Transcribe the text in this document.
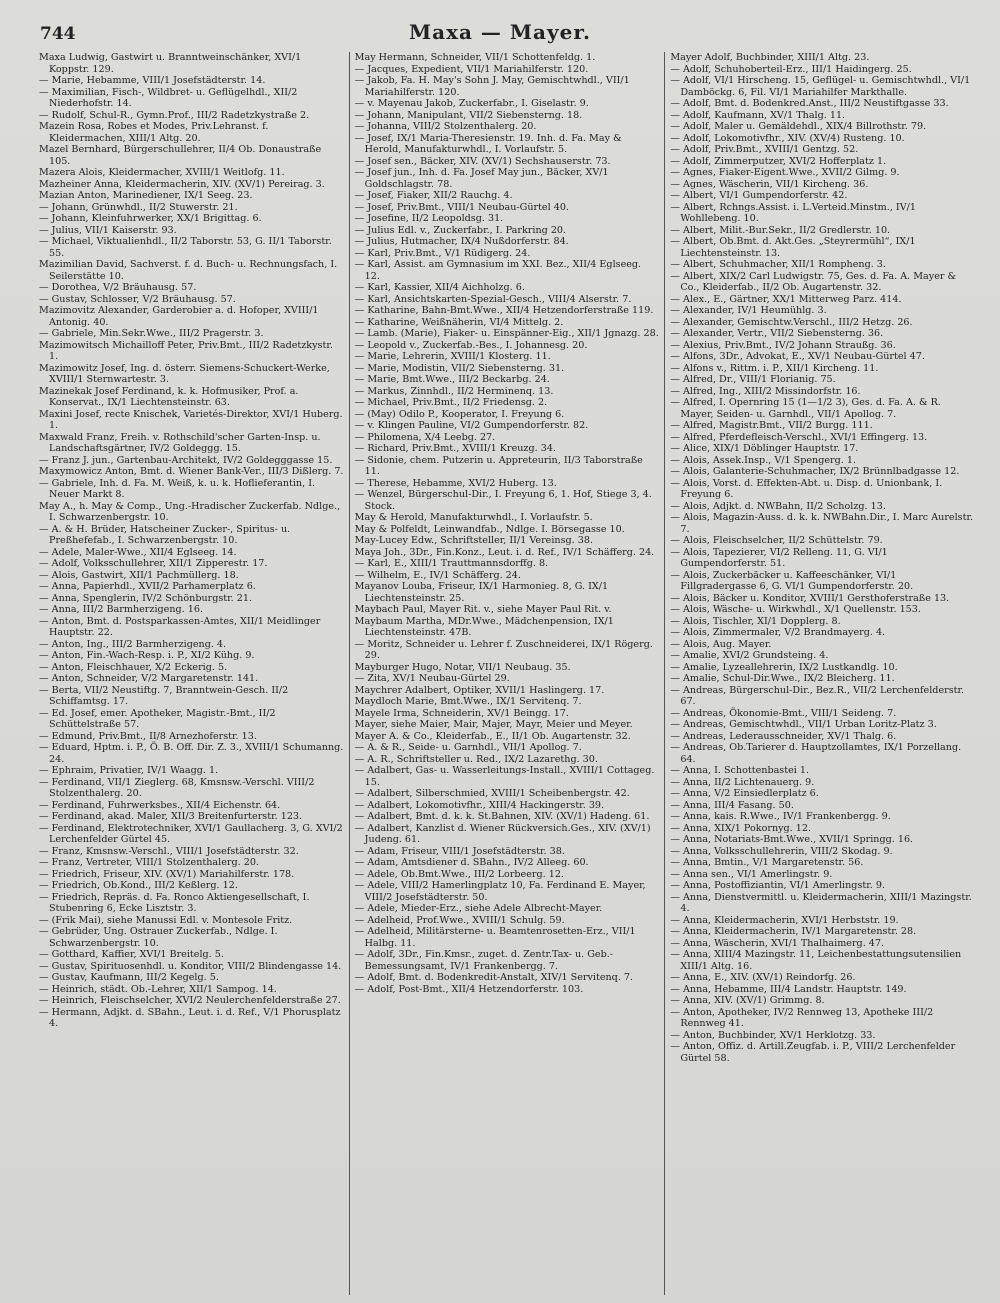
744	Maxa — Mayer.
Maxa Ludwig, Gastwirt u. Branntweinschänker, XVI/1 Koppstr. 129.
— Marie, Hebamme, VIII/1 Josefstädterstr. 14.
— Maximilian, Fisch-, Wildbret- u. Geflügelhdl., XII/2 Niederhofstr. 14.
— Rudolf, Schul-R., Gymn.Prof., III/2 Radetzkystraße 2.
Mazein Rosa, Robes et Modes, Priv.Lehranst. f. Kleidermachen, XIII/1 Altg. 20.
Mazel Bernhard, Bürgerschullehrer, II/4 Ob. Donaustraße 105.
Mazera Alois, Kleidermacher, XVIII/1 Weitlofg. 11.
Mazheiner Anna, Kleidermacherin, XIV. (XV/1) Pereirag. 3.
Mazian Anton, Marinediener, IX/1 Seeg. 23.
— Johann, Grünwhdl., II/2 Stuwerstr. 21.
— Johann, Kleinfuhrwerker, XX/1 Brigittag. 6.
— Julius, VII/1 Kaiserstr. 93.
— Michael, Viktualienhdl., II/2 Taborstr. 53, G. II/1 Taborstr. 55.
Mazimilian David, Sachverst. f. d. Buch- u. Rechnungsfach, I. Seilerstätte 10.
— Dorothea, V/2 Bräuhausg. 57.
— Gustav, Schlosser, V/2 Bräuhausg. 57.
Mazimovitz Alexander, Garderobier a. d. Hofoper, XVIII/1 Antonig. 40.
— Gabriele, Min.Sekr.Wwe., III/2 Pragerstr. 3.
Mazimowitsch Michailloff Peter, Priv.Bmt., III/2 Radetzkystr. 1.
Mazimowitz Josef, Ing. d. österr. Siemens-Schuckert-Werke, XVIII/1 Sternwartestr. 3.
Mazinekak Josef Ferdinand, k. k. Hofmusiker, Prof. a. Konservat., IX/1 Liechtensteinstr. 63.
Maxini Josef, recte Knischek, Varietés-Direktor, XVI/1 Huberg. 1.
Maxwald Franz, Freih. v. Rothschild'scher Garten-Insp. u. Landschaftsgärtner, IV/2 Goldeggg. 15.
— Franz J. jun., Gartenbau-Architekt, IV/2 Goldegggasse 15.
Maxymowicz Anton, Bmt. d. Wiener Bank-Ver., III/3 Dißlerg. 7.
— Gabriele, Inh. d. Fa. M. Weiß, k. u. k. Hoflieferantin, I. Neuer Markt 8.
May A., h. May & Comp., Ung.-Hradischer Zuckerfab. Ndlge., I. Schwarzenbergstr. 10.
— A. & H. Brüder, Hatscheiner Zucker-, Spiritus- u. Preßhefefab., I. Schwarzenbergstr. 10.
— Adele, Maler-Wwe., XII/4 Eglseeg. 14.
— Adolf, Volksschullehrer, XII/1 Zipperestr. 17.
— Alois, Gastwirt, XII/1 Pachmüllerg. 18.
— Anna, Papierhdl., XVII/2 Parhamerplatz 6.
— Anna, Spenglerin, IV/2 Schönburgstr. 21.
— Anna, III/2 Barmherzigeng. 16.
— Anton, Bmt. d. Postsparkassen-Amtes, XII/1 Meidlinger Hauptstr. 22.
— Anton, Ing., III/2 Barmherzigeng. 4.
— Anton, Fin.-Wach-Resp. i. P., XI/2 Kühg. 9.
— Anton, Fleischhauer, X/2 Eckerig. 5.
— Anton, Schneider, V/2 Margaretenstr. 141.
— Berta, VII/2 Neustiftg. 7, Branntwein-Gesch. II/2 Schiffamtsg. 17.
— Ed. Josef, emer. Apotheker, Magistr.-Bmt., II/2 Schüttelstraße 57.
— Edmund, Priv.Bmt., II/8 Arnezhoferstr. 13.
— Eduard, Hptm. i. P., Ö. B. Off. Dir. Z. 3., XVIII/1 Schumanng. 24.
— Ephraim, Privatier, IV/1 Waagg. 1.
— Ferdinand, VII/1 Zieglerg. 68, Kmsnsw.-Verschl. VIII/2 Stolzenthalerg. 20.
— Ferdinand, Fuhrwerksbes., XII/4 Eichenstr. 64.
— Ferdinand, akad. Maler, XII/3 Breitenfurterstr. 123.
— Ferdinand, Elektrotechniker, XVI/1 Gaullacherg. 3, G. XVI/2 Lerchenfelder Gürtel 45.
— Franz, Kmsnsw.-Verschl., VIII/1 Josefstädterstr. 32.
— Franz, Vertreter, VIII/1 Stolzenthalerg. 20.
— Friedrich, Friseur, XIV. (XV/1) Mariahilferstr. 178.
— Friedrich, Ob.Kond., III/2 Keßlerg. 12.
— Friedrich, Repräs. d. Fa. Ronco Aktiengesellschaft, I. Stubenring 6, Ecke Lisztstr. 3.
— (Frik Mai), siehe Manussi Edl. v. Montesole Fritz.
— Gebrüder, Ung. Ostrauer Zuckerfab., Ndlge. I. Schwarzenbergstr. 10.
— Gotthard, Kaffier, XVI/1 Breitelg. 5.
— Gustav, Spirituosenhdl. u. Konditor, VIII/2 Blindengasse 14.
— Gustav, Kaufmann, III/2 Kegelg. 5.
— Heinrich, städt. Ob.-Lehrer, XII/1 Sampog. 14.
— Heinrich, Fleischselcher, XVI/2 Neulerchenfelderstraße 27.
— Hermann, Adjkt. d. SBahn., Leut. i. d. Ref., V/1 Phorusplatz 4.
May Hermann, Schneider, VII/1 Schottenfeldg. 1.
— Jacques, Expedient, VII/1 Mariahilferstr. 120.
— Jakob, Fa. H. May's Sohn J. May, Gemischtwhdl., VII/1 Mariahilferstr. 120.
— v. Mayenau Jakob, Zuckerfabr., I. Giselastr. 9.
— Johann, Manipulant, VII/2 Siebensterng. 18.
— Johanna, VIII/2 Stolzenthalerg. 20.
— Josef, IX/1 Maria-Theresienstr. 19. Inh. d. Fa. May & Herold, Manufakturwhdl., I. Vorlaufstr. 5.
— Josef sen., Bäcker, XIV. (XV/1) Sechshauserstr. 73.
— Josef jun., Inh. d. Fa. Josef May jun., Bäcker, XV/1 Goldschlagstr. 78.
— Josef, Fiaker, XII/2 Rauchg. 4.
— Josef, Priv.Bmt., VIII/1 Neubau-Gürtel 40.
— Josefine, II/2 Leopoldsg. 31.
— Julius Edl. v., Zuckerfabr., I. Parkring 20.
— Julius, Hutmacher, IX/4 Nußdorferstr. 84.
— Karl, Priv.Bmt., V/1 Rüdigerg. 24.
— Karl, Assist. am Gymnasium im XXI. Bez., XII/4 Eglseeg. 12.
— Karl, Kassier, XII/4 Aichholzg. 6.
— Karl, Ansichtskarten-Spezial-Gesch., VIII/4 Alserstr. 7.
— Katharine, Bahn-Bmt.Wwe., XII/4 Hetzendorferstraße 119.
— Katharine, Weißnäherin, VI/4 Mittelg. 2.
— Lamb. (Marie), Fiaker- u. Einspänner-Eig., XII/1 Jgnazg. 28.
— Leopold v., Zuckerfab.-Bes., I. Johannesg. 20.
— Marie, Lehrerin, XVIII/1 Klosterg. 11.
— Marie, Modistin, VII/2 Siebensterng. 31.
— Marie, Bmt.Wwe., III/2 Beckarbg. 24.
— Markus, Zinnhdl., II/2 Herminenq. 13.
— Michael, Priv.Bmt., II/2 Friedensg. 2.
— (May) Odilo P., Kooperator, I. Freyung 6.
— v. Klingen Pauline, VI/2 Gumpendorferstr. 82.
— Philomena, X/4 Leebg. 27.
— Richard, Priv.Bmt., XVIII/1 Kreuzg. 34.
— Sidonie, chem. Putzerin u. Appreteurin, II/3 Taborstraße 11.
— Therese, Hebamme, XVI/2 Huberg. 13.
— Wenzel, Bürgerschul-Dir., I. Freyung 6, 1. Hof, Stiege 3, 4. Stock.
May & Herold, Manufakturwhdl., I. Vorlaufstr. 5.
May & Polfeldt, Leinwandfab., Ndlge. I. Börsegasse 10.
May-Lucey Edw., Schriftsteller, II/1 Vereinsg. 38.
Maya Joh., 3Dr., Fin.Konz., Leut. i. d. Ref., IV/1 Schäfferg. 24.
— Karl, E., XIII/1 Trauttmannsdorffg. 8.
— Wilhelm, E., IV/1 Schäfferg. 24.
Mayanov Louba, Friseur, IX/1 Harmonieg. 8, G. IX/1 Liechtensteinstr. 25.
Maybach Paul, Mayer Rit. v., siehe Mayer Paul Rit. v.
Maybaum Martha, MDr.Wwe., Mädchenpension, IX/1 Liechtensteinstr. 47B.
— Moritz, Schneider u. Lehrer f. Zuschneiderei, IX/1 Rögerg. 29.
Mayburger Hugo, Notar, VII/1 Neubaug. 35.
— Zita, XV/1 Neubau-Gürtel 29.
Maychrer Adalbert, Optiker, XVII/1 Haslingerg. 17.
Maydloch Marie, Bmt.Wwe., IX/1 Servitenq. 7.
Mayele Irma, Schneiderin, XV/1 Beingg. 17.
Mayer, siehe Maier, Mair, Majer, Mayr, Meier und Meyer.
Mayer A. & Co., Kleiderfab., E., II/1 Ob. Augartenstr. 32.
— A. & R., Seide- u. Garnhdl., VII/1 Apollog. 7.
— A. R., Schriftsteller u. Red., IX/2 Lazarethg. 30.
— Adalbert, Gas- u. Wasserleitungs-Install., XVIII/1 Cottageg. 15.
— Adalbert, Silberschmied, XVIII/1 Scheibenbergstr. 42.
— Adalbert, Lokomotivfhr., XIII/4 Hackingerstr. 39.
— Adalbert, Bmt. d. k. k. St.Bahnen, XIV. (XV/1) Hadeng. 61.
— Adalbert, Kanzlist d. Wiener Rückversich.Ges., XIV. (XV/1) Judeng. 61.
— Adam, Friseur, VIII/1 Josefstädterstr. 38.
— Adam, Amtsdiener d. SBahn., IV/2 Alleeg. 60.
— Adele, Ob.Bmt.Wwe., III/2 Lorbeerg. 12.
— Adele, VIII/2 Hamerlingplatz 10, Fa. Ferdinand E. Mayer, VIII/2 Josefstädterstr. 50.
— Adele, Mieder-Erz., siehe Adele Albrecht-Mayer.
— Adelheid, Prof.Wwe., XVIII/1 Schulg. 59.
— Adelheid, Militärsterne- u. Beamtenrosetten-Erz., VII/1 Halbg. 11.
— Adolf, 3Dr., Fin.Kmsr., zuget. d. Zentr.Tax- u. Geb.-Bemessungsamt, IV/1 Frankenbergg. 7.
— Adolf, Bmt. d. Bodenkredit-Anstalt, XIV/1 Servitenq. 7.
— Adolf, Post-Bmt., XII/4 Hetzendorferstr. 103.
Mayer Adolf, Buchbinder, XIII/1 Altg. 23.
— Adolf, Schuhoberteil-Erz., III/1 Haidingerg. 25.
— Adolf, VI/1 Hirscheng. 15, Geflügel- u. Gemischtwhdl., VI/1 Damböckg. 6, Fil. VI/1 Mariahilfer Markthalle.
— Adolf, Bmt. d. Bodenkred.Anst., III/2 Neustiftgasse 33.
— Adolf, Kaufmann, XV/1 Thalg. 11.
— Adolf, Maler u. Gemäldehdl., XIX/4 Billrothstr. 79.
— Adolf, Lokomotivfhr., XIV. (XV/4) Rusteng. 10.
— Adolf, Priv.Bmt., XVIII/1 Gentzg. 52.
— Adolf, Zimmerputzer, XVI/2 Hofferplatz 1.
— Agnes, Fiaker-Eigent.Wwe., XVII/2 Gilmg. 9.
— Agnes, Wäscherin, VII/1 Kircheng. 36.
— Albert, VI/1 Gumpendorferstr. 42.
— Albert, Rchngs.Assist. i. L.Verteid.Minstm., IV/1 Wohllebeng. 10.
— Albert, Milit.-Bur.Sekr., II/2 Gredlerstr. 10.
— Albert, Ob.Bmt. d. Akt.Ges. „Steyrermühl“, IX/1 Liechtensteinstr. 13.
— Albert, Schuhmacher, XII/1 Rompheng. 3.
— Albert, XIX/2 Carl Ludwigstr. 75, Ges. d. Fa. A. Mayer & Co., Kleiderfab., II/2 Ob. Augartenstr. 32.
— Alex., E., Gärtner, XX/1 Mitterweg Parz. 414.
— Alexander, IV/1 Heumühlg. 3.
— Alexander, Gemischtw.Verschl., III/2 Hetzg. 26.
— Alexander, Vertr., VII/2 Siebensterng. 36.
— Alexius, Priv.Bmt., IV/2 Johann Straußg. 36.
— Alfons, 3Dr., Advokat, E., XV/1 Neubau-Gürtel 47.
— Alfons v., Rittm. i. P., XII/1 Kircheng. 11.
— Alfred, Dr., VIII/1 Florianig. 75.
— Alfred, Ing., XIII/2 Missindorfstr. 16.
— Alfred, I. Opernring 15 (1—1/2 3), Ges. d. Fa. A. & R. Mayer, Seiden- u. Garnhdl., VII/1 Apollog. 7.
— Alfred, Magistr.Bmt., VII/2 Burgg. 111.
— Alfred, Pferdefleisch-Verschl., XVI/1 Effingerg. 13.
— Alice, XIX/1 Döblinger Hauptstr. 17.
— Alois, Assek.Insp., V/1 Spengerg. 1.
— Alois, Galanterie-Schuhmacher, IX/2 Brünnlbadgasse 12.
— Alois, Vorst. d. Effekten-Abt. u. Disp. d. Unionbank, I. Freyung 6.
— Alois, Adjkt. d. NWBahn, II/2 Scholzg. 13.
— Alois, Magazin-Auss. d. k. k. NWBahn.Dir., I. Marc Aurelstr. 7.
— Alois, Fleischselcher, II/2 Schüttelstr. 79.
— Alois, Tapezierer, VI/2 Relleng. 11, G. VI/1 Gumpendorferstr. 51.
— Alois, Zuckerbäcker u. Kaffeeschänker, VI/1 Fillgradergasse 6, G. VI/1 Gumpendorferstr. 20.
— Alois, Bäcker u. Konditor, XVIII/1 Gersthoferstraße 13.
— Alois, Wäsche- u. Wirkwhdl., X/1 Quellenstr. 153.
— Alois, Tischler, XI/1 Dopplerg. 8.
— Alois, Zimmermaler, V/2 Brandmayerg. 4.
— Alois, Aug. Mayer.
— Amalie, XVI/2 Grundsteing. 4.
— Amalie, Lyzeallehrerin, IX/2 Lustkandlg. 10.
— Amalie, Schul-Dir.Wwe., IX/2 Bleicherg. 11.
— Andreas, Bürgerschul-Dir., Bez.R., VII/2 Lerchenfelderstr. 67.
— Andreas, Ökonomie-Bmt., VIII/1 Seideng. 7.
— Andreas, Gemischtwhdl., VII/1 Urban Loritz-Platz 3.
— Andreas, Lederausschneider, XV/1 Thalg. 6.
— Andreas, Ob.Tarierer d. Hauptzollamtes, IX/1 Porzellang. 64.
— Anna, I. Schottenbastei 1.
— Anna, II/2 Lichtenauerg. 9.
— Anna, V/2 Einsiedlerplatz 6.
— Anna, III/4 Fasang. 50.
— Anna, kais. R.Wwe., IV/1 Frankenbergg. 9.
— Anna, XIX/1 Pokornyg. 12.
— Anna, Notariats-Bmt.Wwe., XVII/1 Springg. 16.
— Anna, Volksschullehrerin, VIII/2 Skodag. 9.
— Anna, Bmtin., V/1 Margaretenstr. 56.
— Anna sen., VI/1 Amerlingstr. 9.
— Anna, Postoffiziantin, VI/1 Amerlingstr. 9.
— Anna, Dienstvermittl. u. Kleidermacherin, XIII/1 Mazingstr. 4.
— Anna, Kleidermacherin, XVI/1 Herbststr. 19.
— Anna, Kleidermacherin, IV/1 Margaretenstr. 28.
— Anna, Wäscherin, XVI/1 Thalhaimerg. 47.
— Anna, XIII/4 Mazingstr. 11, Leichenbestattungsutensilien XIII/1 Altg. 16.
— Anna, E., XIV. (XV/1) Reindorfg. 26.
— Anna, Hebamme, III/4 Landstr. Hauptstr. 149.
— Anna, XIV. (XV/1) Grimmg. 8.
— Anton, Apotheker, IV/2 Rennweg 13, Apotheke III/2 Rennweg 41.
— Anton, Buchbinder, XV/1 Herklotzg. 33.
— Anton, Offiz. d. Artill.Zeugfab. i. P., VIII/2 Lerchenfelder Gürtel 58.
